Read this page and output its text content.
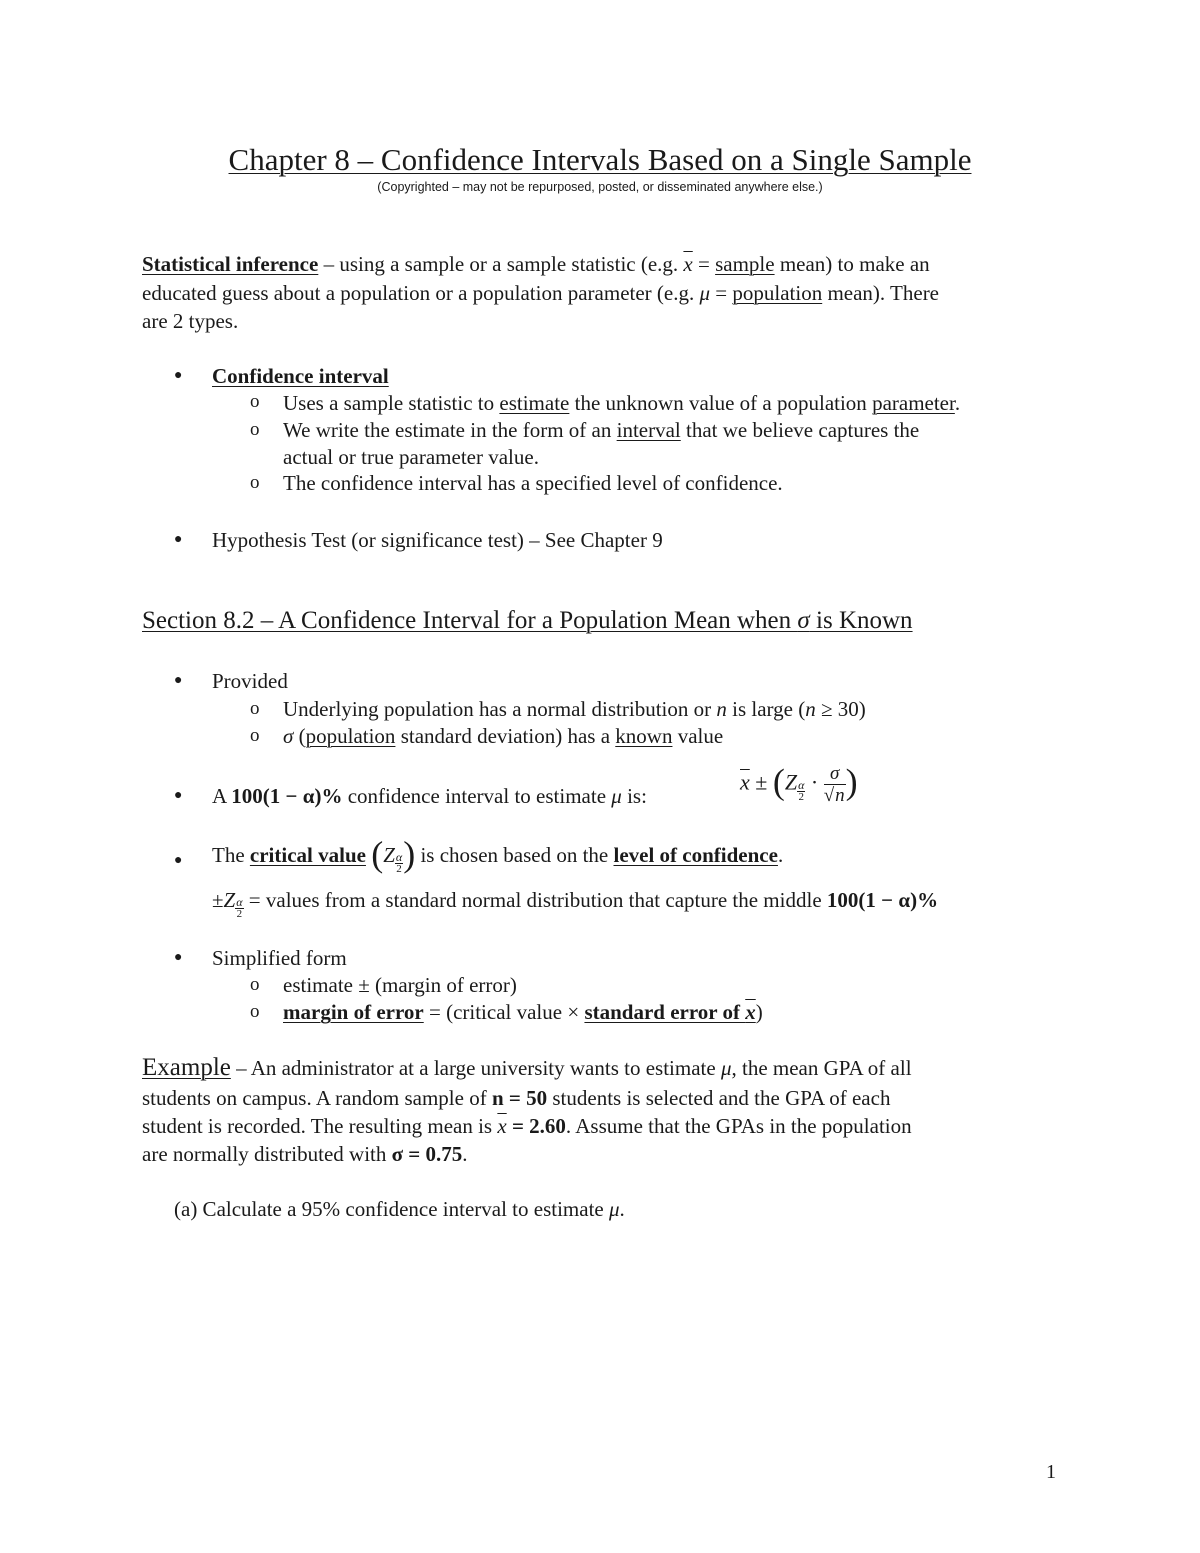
Chapter 8 – Confidence Intervals Based on a Single Sample
(Copyrighted – may not be repurposed, posted, or disseminated anywhere else.)
Statistical inference – using a sample or a sample statistic (e.g. $\overline{x}$ = sample mean) to make an
educated guess about a population or a population parameter (e.g. μ = population mean). There
are 2 types.
● Confidence interval
o Uses a sample statistic to estimate the unknown value of a population parameter.
o We write the estimate in the form of an interval that we believe captures the
actual or true parameter value.
o The confidence interval has a specified level of confidence.
● Hypothesis Test (or significance test) – See Chapter 9
Section 8.2 – A Confidence Interval for a Population Mean when σ is Known
● Provided
o Underlying population has a normal distribution or n is large (n ≥ 30)
o σ (population standard deviation) has a known value
● A 100(1 − α)% confidence interval to estimate μ is:
$\overline{x} \pm (Z \frac{\alpha}{2} \cdot \frac{\sigma}{√n}$ )
● The critical value ($Z \frac{\alpha}{2}$ ) is chosen based on the level of confidence.
$\pm Z \frac{\alpha}{2}$ = values from a standard normal distribution that capture the middle 100(1 − α)%
● Simplified form
o estimate ± (margin of error)
o margin of error = (critical value × standard error of x)
Example – An administrator at a large university wants to estimate μ, the mean GPA of all
students on campus. A random sample of n = 50 students is selected and the GPA of each
student is recorded. The resulting mean is $\overline{x} = 2.60$. Assume that the GPAs in the population
are normally distributed with σ = 0.75.
(a) Calculate a 95% confidence interval to estimate μ.
1
